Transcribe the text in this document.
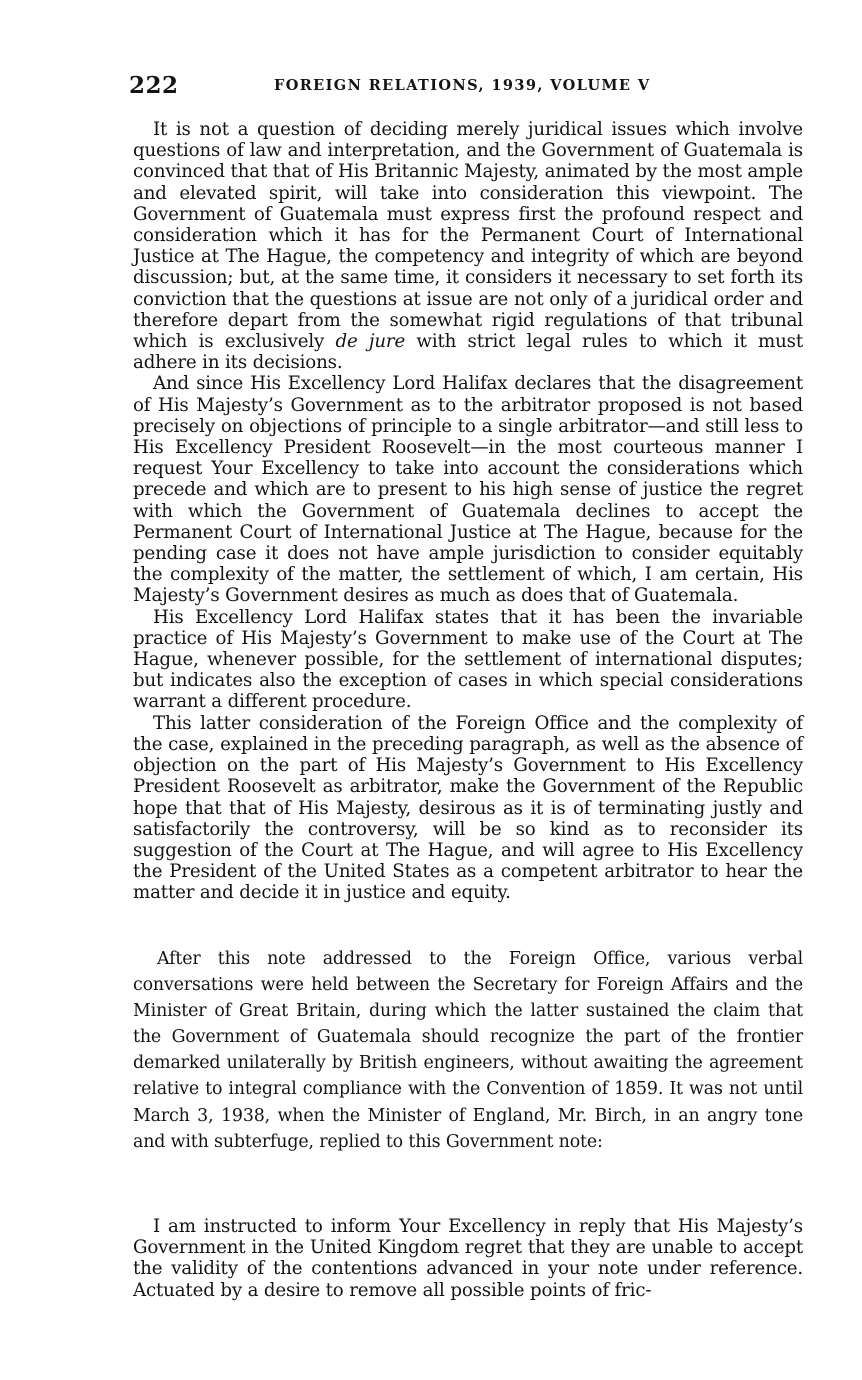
222	FOREIGN RELATIONS, 1939, VOLUME V

It is not a question of deciding merely juridical issues which involve questions of law and interpretation, and the Government of Guatemala is convinced that that of His Britannic Majesty, animated by the most ample and elevated spirit, will take into consideration this viewpoint. The Government of Guatemala must express first the profound respect and consideration which it has for the Permanent Court of International Justice at The Hague, the competency and integrity of which are beyond discussion; but, at the same time, it considers it necessary to set forth its conviction that the questions at issue are not only of a juridical order and therefore depart from the somewhat rigid regulations of that tribunal which is exclusively de jure with strict legal rules to which it must adhere in its decisions.

And since His Excellency Lord Halifax declares that the disagreement of His Majesty’s Government as to the arbitrator proposed is not based precisely on objections of principle to a single arbitrator—and still less to His Excellency President Roosevelt—in the most courteous manner I request Your Excellency to take into account the considerations which precede and which are to present to his high sense of justice the regret with which the Government of Guatemala declines to accept the Permanent Court of International Justice at The Hague, because for the pending case it does not have ample jurisdiction to consider equitably the complexity of the matter, the settlement of which, I am certain, His Majesty’s Government desires as much as does that of Guatemala.

His Excellency Lord Halifax states that it has been the invariable practice of His Majesty’s Government to make use of the Court at The Hague, whenever possible, for the settlement of international disputes; but indicates also the exception of cases in which special considerations warrant a different procedure.

This latter consideration of the Foreign Office and the complexity of the case, explained in the preceding paragraph, as well as the absence of objection on the part of His Majesty’s Government to His Excellency President Roosevelt as arbitrator, make the Government of the Republic hope that that of His Majesty, desirous as it is of terminating justly and satisfactorily the controversy, will be so kind as to reconsider its suggestion of the Court at The Hague, and will agree to His Excellency the President of the United States as a competent arbitrator to hear the matter and decide it in justice and equity.

After this note addressed to the Foreign Office, various verbal conversations were held between the Secretary for Foreign Affairs and the Minister of Great Britain, during which the latter sustained the claim that the Government of Guatemala should recognize the part of the frontier demarked unilaterally by British engineers, without awaiting the agreement relative to integral compliance with the Convention of 1859. It was not until March 3, 1938, when the Minister of England, Mr. Birch, in an angry tone and with subterfuge, replied to this Government note:

I am instructed to inform Your Excellency in reply that His Majesty’s Government in the United Kingdom regret that they are unable to accept the validity of the contentions advanced in your note under reference. Actuated by a desire to remove all possible points of fric-
